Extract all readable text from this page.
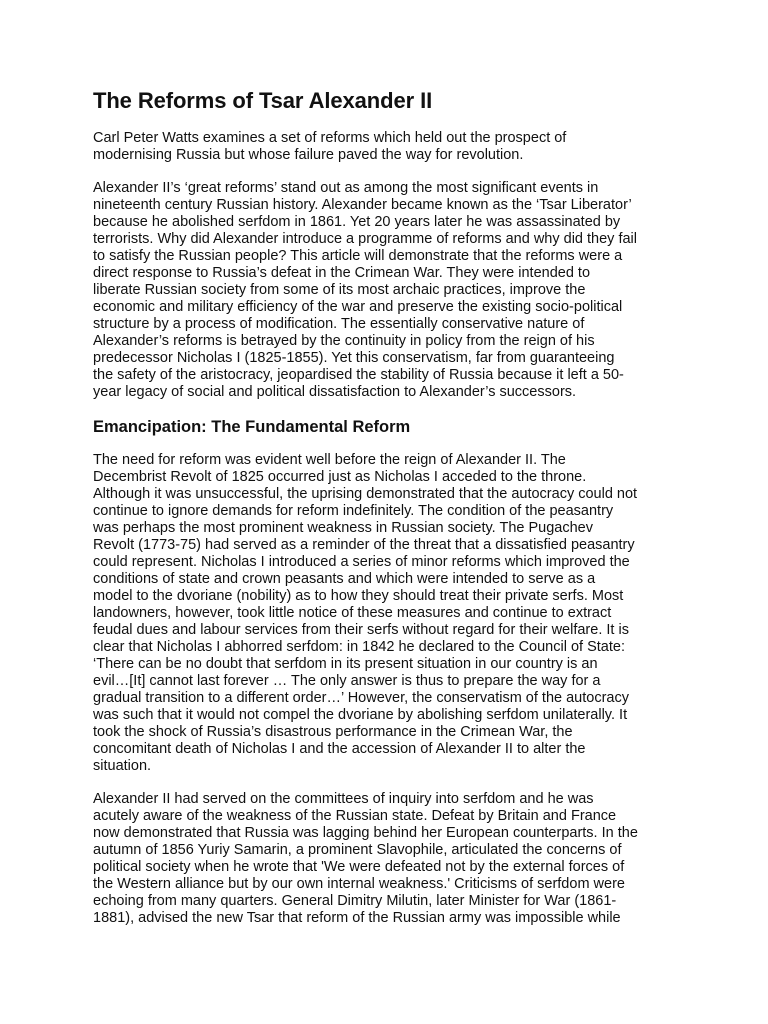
The Reforms of Tsar Alexander II

Carl Peter Watts examines a set of reforms which held out the prospect of
modernising Russia but whose failure paved the way for revolution.

Alexander II’s ‘great reforms’ stand out as among the most significant events in
nineteenth century Russian history. Alexander became known as the ‘Tsar Liberator’
because he abolished serfdom in 1861. Yet 20 years later he was assassinated by
terrorists. Why did Alexander introduce a programme of reforms and why did they fail
to satisfy the Russian people? This article will demonstrate that the reforms were a
direct response to Russia’s defeat in the Crimean War. They were intended to
liberate Russian society from some of its most archaic practices, improve the
economic and military efficiency of the war and preserve the existing socio-political
structure by a process of modification. The essentially conservative nature of
Alexander’s reforms is betrayed by the continuity in policy from the reign of his
predecessor Nicholas I (1825-1855). Yet this conservatism, far from guaranteeing
the safety of the aristocracy, jeopardised the stability of Russia because it left a 50-
year legacy of social and political dissatisfaction to Alexander’s successors.

Emancipation: The Fundamental Reform

The need for reform was evident well before the reign of Alexander II. The
Decembrist Revolt of 1825 occurred just as Nicholas I acceded to the throne.
Although it was unsuccessful, the uprising demonstrated that the autocracy could not
continue to ignore demands for reform indefinitely. The condition of the peasantry
was perhaps the most prominent weakness in Russian society. The Pugachev
Revolt (1773-75) had served as a reminder of the threat that a dissatisfied peasantry
could represent. Nicholas I introduced a series of minor reforms which improved the
conditions of state and crown peasants and which were intended to serve as a
model to the dvoriane (nobility) as to how they should treat their private serfs. Most
landowners, however, took little notice of these measures and continue to extract
feudal dues and labour services from their serfs without regard for their welfare. It is
clear that Nicholas I abhorred serfdom: in 1842 he declared to the Council of State:
‘There can be no doubt that serfdom in its present situation in our country is an
evil…[It] cannot last forever … The only answer is thus to prepare the way for a
gradual transition to a different order…’ However, the conservatism of the autocracy
was such that it would not compel the dvoriane by abolishing serfdom unilaterally. It
took the shock of Russia’s disastrous performance in the Crimean War, the
concomitant death of Nicholas I and the accession of Alexander II to alter the
situation.

Alexander II had served on the committees of inquiry into serfdom and he was
acutely aware of the weakness of the Russian state. Defeat by Britain and France
now demonstrated that Russia was lagging behind her European counterparts. In the
autumn of 1856 Yuriy Samarin, a prominent Slavophile, articulated the concerns of
political society when he wrote that 'We were defeated not by the external forces of
the Western alliance but by our own internal weakness.' Criticisms of serfdom were
echoing from many quarters. General Dimitry Milutin, later Minister for War (1861-
1881), advised the new Tsar that reform of the Russian army was impossible while
